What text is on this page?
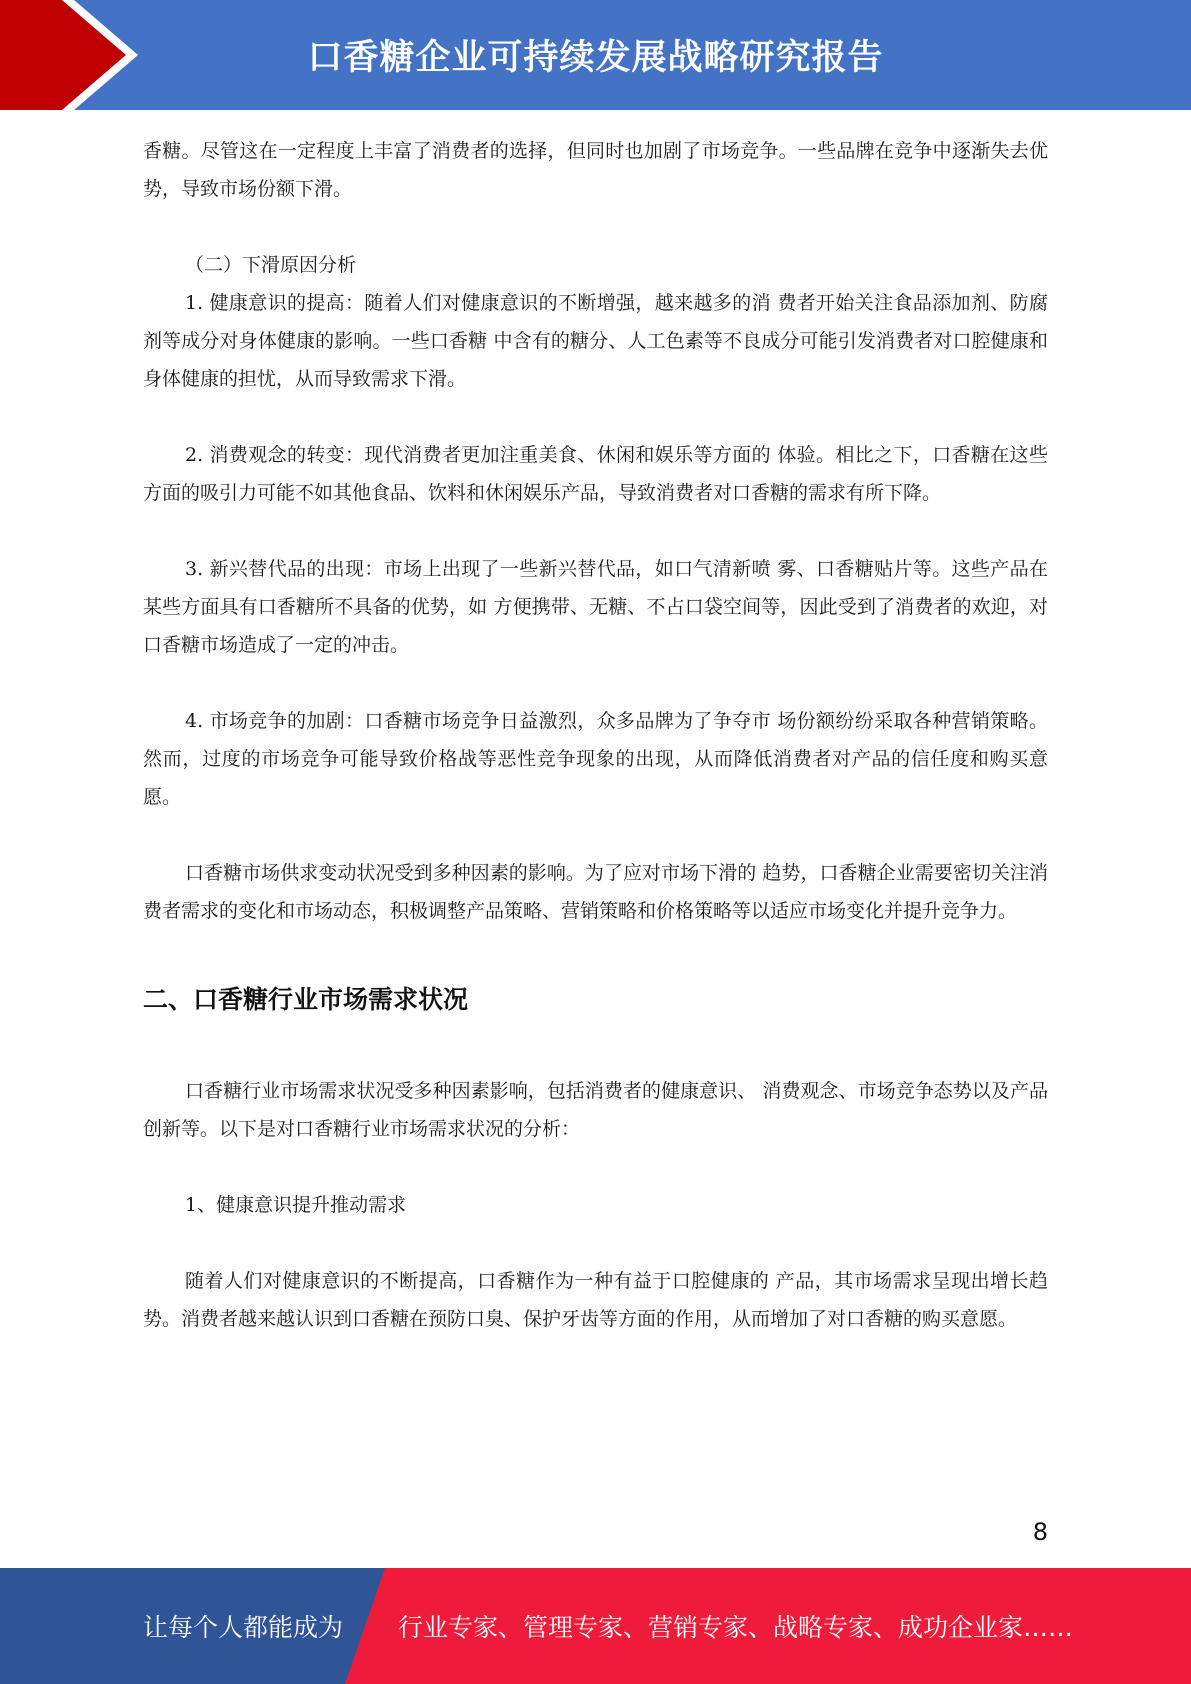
口香糖企业可持续发展战略研究报告

香糖。尽管这在一定程度上丰富了消费者的选择，但同时也加剧了市场竞争。一些品牌在竞争中逐渐失去优势，导致市场份额下滑。

（二）下滑原因分析

1. 健康意识的提高：随着人们对健康意识的不断增强，越来越多的消 费者开始关注食品添加剂、防腐剂等成分对身体健康的影响。一些口香糖 中含有的糖分、人工色素等不良成分可能引发消费者对口腔健康和身体健康的担忧，从而导致需求下滑。

2. 消费观念的转变：现代消费者更加注重美食、休闲和娱乐等方面的 体验。相比之下，口香糖在这些方面的吸引力可能不如其他食品、饮料和休闲娱乐产品，导致消费者对口香糖的需求有所下降。

3. 新兴替代品的出现：市场上出现了一些新兴替代品，如口气清新喷 雾、口香糖贴片等。这些产品在某些方面具有口香糖所不具备的优势，如 方便携带、无糖、不占口袋空间等，因此受到了消费者的欢迎，对口香糖市场造成了一定的冲击。

4. 市场竞争的加剧：口香糖市场竞争日益激烈，众多品牌为了争夺市 场份额纷纷采取各种营销策略。然而，过度的市场竞争可能导致价格战等恶性竞争现象的出现，从而降低消费者对产品的信任度和购买意愿。

口香糖市场供求变动状况受到多种因素的影响。为了应对市场下滑的 趋势，口香糖企业需要密切关注消费者需求的变化和市场动态，积极调整产品策略、营销策略和价格策略等以适应市场变化并提升竞争力。

二、口香糖行业市场需求状况

口香糖行业市场需求状况受多种因素影响，包括消费者的健康意识、 消费观念、市场竞争态势以及产品创新等。以下是对口香糖行业市场需求状况的分析：

1、健康意识提升推动需求

随着人们对健康意识的不断提高，口香糖作为一种有益于口腔健康的 产品，其市场需求呈现出增长趋势。消费者越来越认识到口香糖在预防口臭、保护牙齿等方面的作用，从而增加了对口香糖的购买意愿。

8
让每个人都能成为 行业专家、管理专家、营销专家、战略专家、成功企业家……
